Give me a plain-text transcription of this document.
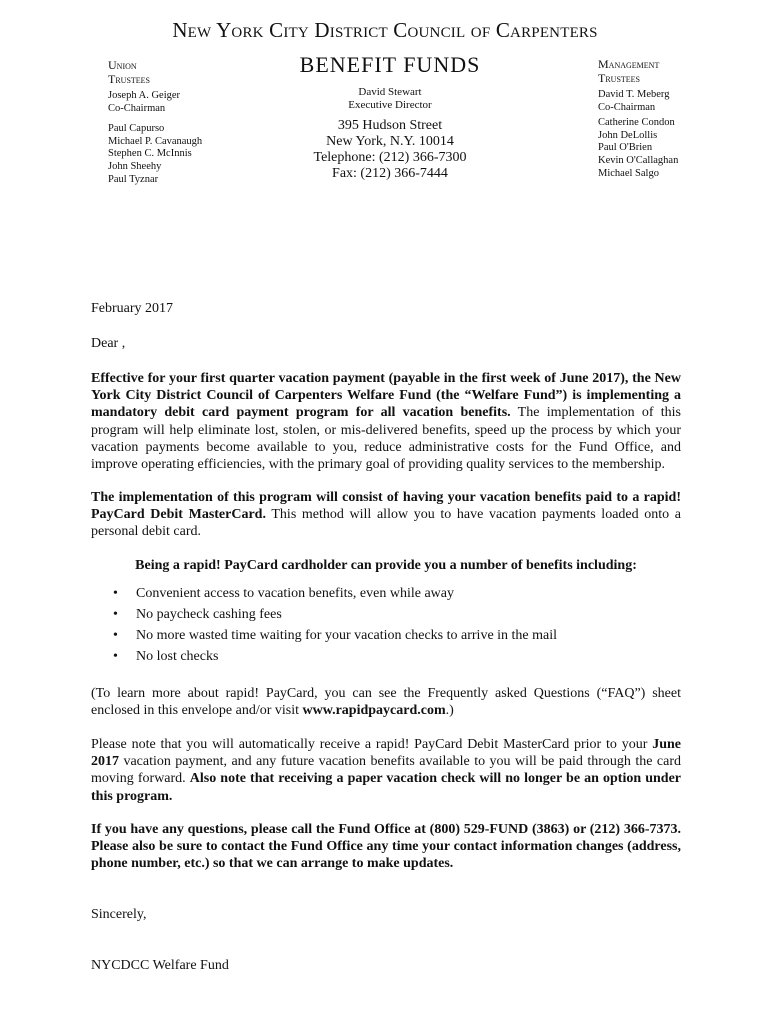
New York City District Council of Carpenters
BENEFIT FUNDS
Union
Trustees
Joseph A. Geiger
Co-Chairman
Paul Capurso
Michael P. Cavanaugh
Stephen C. McInnis
John Sheehy
Paul Tyznar
David Stewart
Executive Director
395 Hudson Street
New York, N.Y. 10014
Telephone: (212) 366-7300
Fax: (212) 366-7444
Management
Trustees
David T. Meberg
Co-Chairman
Catherine Condon
John DeLollis
Paul O'Brien
Kevin O'Callaghan
Michael Salgo
February 2017
Dear ,

Effective for your first quarter vacation payment (payable in the first week of June 2017), the New York City District Council of Carpenters Welfare Fund (the “Welfare Fund”) is implementing a mandatory debit card payment program for all vacation benefits. The implementation of this program will help eliminate lost, stolen, or mis-delivered benefits, speed up the process by which your vacation payments become available to you, reduce administrative costs for the Fund Office, and improve operating efficiencies, with the primary goal of providing quality services to the membership.

The implementation of this program will consist of having your vacation benefits paid to a rapid! PayCard Debit MasterCard. This method will allow you to have vacation payments loaded onto a personal debit card.

Being a rapid! PayCard cardholder can provide you a number of benefits including:
• Convenient access to vacation benefits, even while away
• No paycheck cashing fees
• No more wasted time waiting for your vacation checks to arrive in the mail
• No lost checks

(To learn more about rapid! PayCard, you can see the Frequently asked Questions (“FAQ”) sheet enclosed in this envelope and/or visit www.rapidpaycard.com.)

Please note that you will automatically receive a rapid! PayCard Debit MasterCard prior to your June 2017 vacation payment, and any future vacation benefits available to you will be paid through the card moving forward. Also note that receiving a paper vacation check will no longer be an option under this program.

If you have any questions, please call the Fund Office at (800) 529-FUND (3863) or (212) 366-7373. Please also be sure to contact the Fund Office any time your contact information changes (address, phone number, etc.) so that we can arrange to make updates.

Sincerely,
NYCDCC Welfare Fund
